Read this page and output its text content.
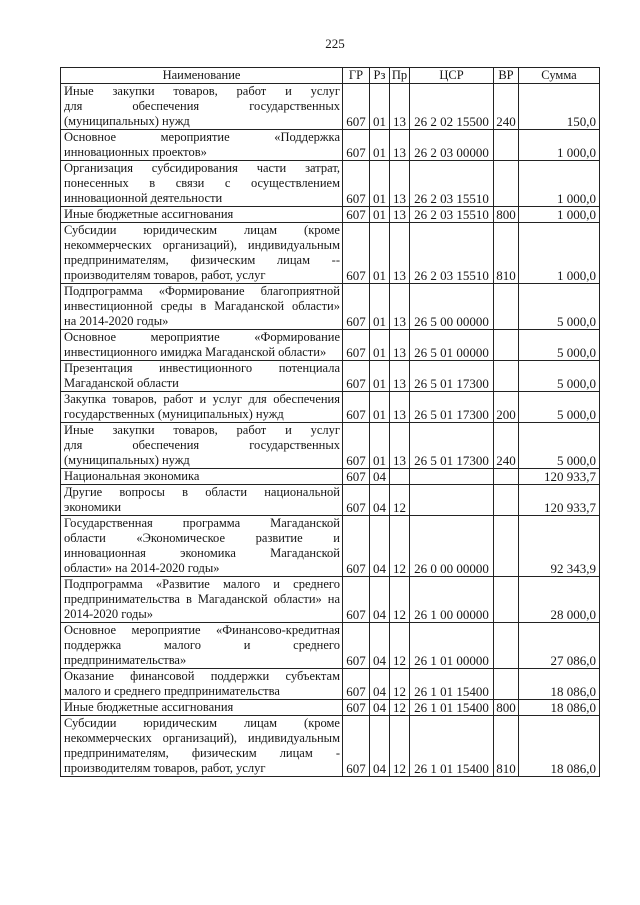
225
Наименование	ГР	Рз	Пр	ЦСР	ВР	Сумма

Иные закупки товаров, работ и услуг
для обеспечения государственных
(муниципальных) нужд	607	01	13	26 2 02 15500	240	150,0

Основное мероприятие «Поддержка
инновационных проектов»	607	01	13	26 2 03 00000		1 000,0

Организация субсидирования части затрат,
понесенных в связи с осуществлением
инновационной деятельности	607	01	13	26 2 03 15510		1 000,0

Иные бюджетные ассигнования	607	01	13	26 2 03 15510	800	1 000,0

Субсидии юридическим лицам (кроме
некоммерческих организаций), индивидуальным
предпринимателям, физическим лицам --
производителям товаров, работ, услуг	607	01	13	26 2 03 15510	810	1 000,0

Подпрограмма «Формирование благоприятной
инвестиционной среды в Магаданской области»
на 2014-2020 годы»	607	01	13	26 5 00 00000		5 000,0

Основное мероприятие «Формирование
инвестиционного имиджа Магаданской области»	607	01	13	26 5 01 00000		5 000,0

Презентация инвестиционного потенциала
Магаданской области	607	01	13	26 5 01 17300		5 000,0

Закупка товаров, работ и услуг для обеспечения
государственных (муниципальных) нужд	607	01	13	26 5 01 17300	200	5 000,0

Иные закупки товаров, работ и услуг
для обеспечения государственных
(муниципальных) нужд	607	01	13	26 5 01 17300	240	5 000,0

Национальная экономика	607	04				120 933,7

Другие вопросы в области национальной
экономики	607	04	12			120 933,7

Государственная программа Магаданской
области «Экономическое развитие и
инновационная экономика Магаданской
области» на 2014-2020 годы»	607	04	12	26 0 00 00000		92 343,9

Подпрограмма «Развитие малого и среднего
предпринимательства в Магаданской области» на
2014-2020 годы»	607	04	12	26 1 00 00000		28 000,0

Основное мероприятие «Финансово-кредитная
поддержка малого и среднего
предпринимательства»	607	04	12	26 1 01 00000		27 086,0

Оказание финансовой поддержки субъектам
малого и среднего предпринимательства	607	04	12	26 1 01 15400		18 086,0

Иные бюджетные ассигнования	607	04	12	26 1 01 15400	800	18 086,0

Субсидии юридическим лицам (кроме
некоммерческих организаций), индивидуальным
предпринимателям, физическим лицам -
производителям товаров, работ, услуг	607	04	12	26 1 01 15400	810	18 086,0
